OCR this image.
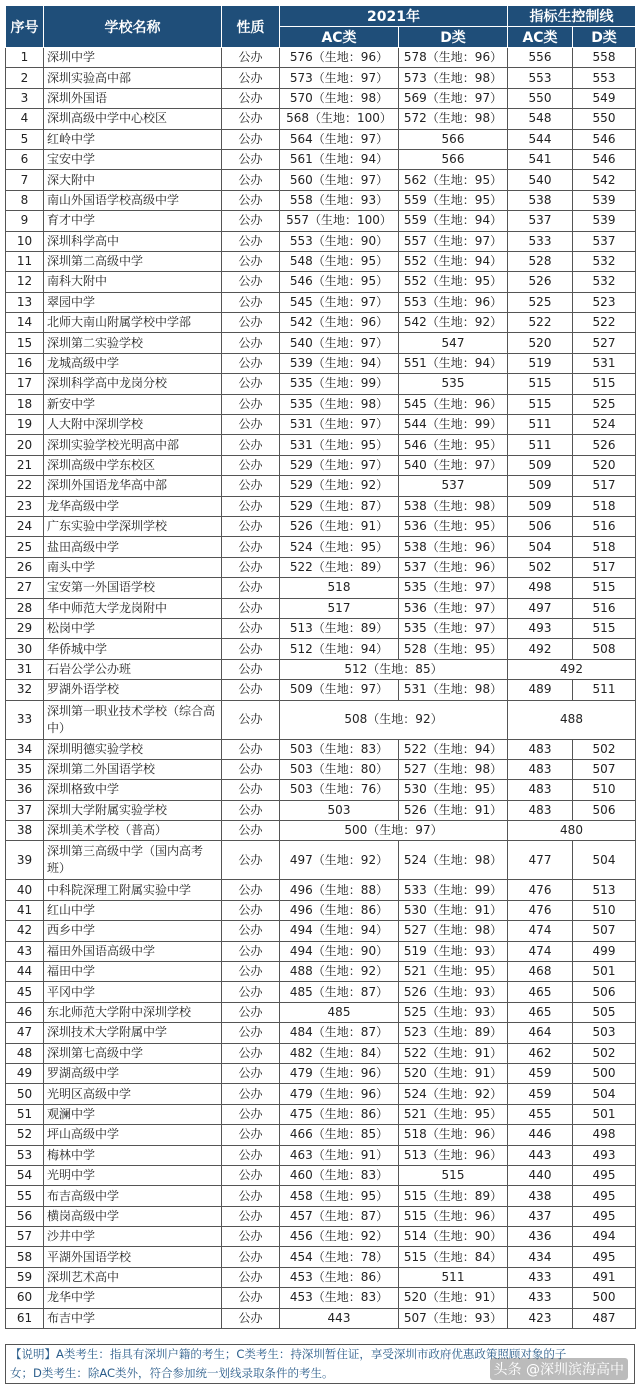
序号	学校名称	性质	2021年		指标生控制线	
			AC类	D类	AC类	D类
1	深圳中学	公办	576（生地：96）	578（生地：96）	556	558
2	深圳实验高中部	公办	573（生地：97）	573（生地：98）	553	553
3	深圳外国语	公办	570（生地：98）	569（生地：97）	550	549
4	深圳高级中学中心校区	公办	568（生地：100）	572（生地：98）	548	550
5	红岭中学	公办	564（生地：97）	566	544	546
6	宝安中学	公办	561（生地：94）	566	541	546
7	深大附中	公办	560（生地：97）	562（生地：95）	540	542
8	南山外国语学校高级中学	公办	558（生地：93）	559（生地：95）	538	539
9	育才中学	公办	557（生地：100）	559（生地：94）	537	539
10	深圳科学高中	公办	553（生地：90）	557（生地：97）	533	537
11	深圳第二高级中学	公办	548（生地：95）	552（生地：94）	528	532
12	南科大附中	公办	546（生地：95）	552（生地：95）	526	532
13	翠园中学	公办	545（生地：97）	553（生地：96）	525	523
14	北师大南山附属学校中学部	公办	542（生地：96）	542（生地：92）	522	522
15	深圳第二实验学校	公办	540（生地：97）	547	520	527
16	龙城高级中学	公办	539（生地：94）	551（生地：94）	519	531
17	深圳科学高中龙岗分校	公办	535（生地：99）	535	515	515
18	新安中学	公办	535（生地：98）	545（生地：96）	515	525
19	人大附中深圳学校	公办	531（生地：97）	544（生地：99）	511	524
20	深圳实验学校光明高中部	公办	531（生地：95）	546（生地：95）	511	526
21	深圳高级中学东校区	公办	529（生地：97）	540（生地：97）	509	520
22	深圳外国语龙华高中部	公办	529（生地：92）	537	509	517
23	龙华高级中学	公办	529（生地：87）	538（生地：98）	509	518
24	广东实验中学深圳学校	公办	526（生地：91）	536（生地：95）	506	516
25	盐田高级中学	公办	524（生地：95）	538（生地：96）	504	518
26	南头中学	公办	522（生地：89）	537（生地：96）	502	517
27	宝安第一外国语学校	公办	518	535（生地：97）	498	515
28	华中师范大学龙岗附中	公办	517	536（生地：97）	497	516
29	松岗中学	公办	513（生地：89）	535（生地：97）	493	515
30	华侨城中学	公办	512（生地：94）	528（生地：95）	492	508
31	石岩公学公办班	公办	512（生地：85）		492	
32	罗湖外语学校	公办	509（生地：97）	531（生地：98）	489	511
33	深圳第一职业技术学校（综合高中）	公办	508（生地：92）		488	
34	深圳明德实验学校	公办	503（生地：83）	522（生地：94）	483	502
35	深圳第二外国语学校	公办	503（生地：80）	527（生地：98）	483	507
36	深圳格致中学	公办	503（生地：76）	530（生地：95）	483	510
37	深圳大学附属实验学校	公办	503	526（生地：91）	483	506
38	深圳美术学校（普高）	公办	500（生地：97）		480	
39	深圳第三高级中学（国内高考班）	公办	497（生地：92）	524（生地：98）	477	504
40	中科院深理工附属实验中学	公办	496（生地：88）	533（生地：99）	476	513
41	红山中学	公办	496（生地：86）	530（生地：91）	476	510
42	西乡中学	公办	494（生地：94）	527（生地：98）	474	507
43	福田外国语高级中学	公办	494（生地：90）	519（生地：93）	474	499
44	福田中学	公办	488（生地：92）	521（生地：95）	468	501
45	平冈中学	公办	485（生地：87）	526（生地：93）	465	506
46	东北师范大学附中深圳学校	公办	485	525（生地：93）	465	505
47	深圳技术大学附属中学	公办	484（生地：87）	523（生地：89）	464	503
48	深圳第七高级中学	公办	482（生地：84）	522（生地：91）	462	502
49	罗湖高级中学	公办	479（生地：96）	520（生地：91）	459	500
50	光明区高级中学	公办	479（生地：96）	524（生地：92）	459	504
51	观澜中学	公办	475（生地：86）	521（生地：95）	455	501
52	坪山高级中学	公办	466（生地：85）	518（生地：96）	446	498
53	梅林中学	公办	463（生地：91）	513（生地：96）	443	493
54	光明中学	公办	460（生地：83）	515	440	495
55	布吉高级中学	公办	458（生地：95）	515（生地：89）	438	495
56	横岗高级中学	公办	457（生地：87）	515（生地：96）	437	495
57	沙井中学	公办	456（生地：92）	514（生地：90）	436	494
58	平湖外国语学校	公办	454（生地：78）	515（生地：84）	434	495
59	深圳艺术高中	公办	453（生地：86）	511	433	491
60	龙华中学	公办	453（生地：83）	520（生地：91）	433	500
61	布吉中学	公办	443	507（生地：93）	423	487
【说明】A类考生：指具有深圳户籍的考生；C类考生：持深圳暂住证，享受深圳市政府优惠政策照顾对象的子
女；D类考生：除AC类外，符合参加统一划线录取条件的考生。	头条 @深圳滨海高中
